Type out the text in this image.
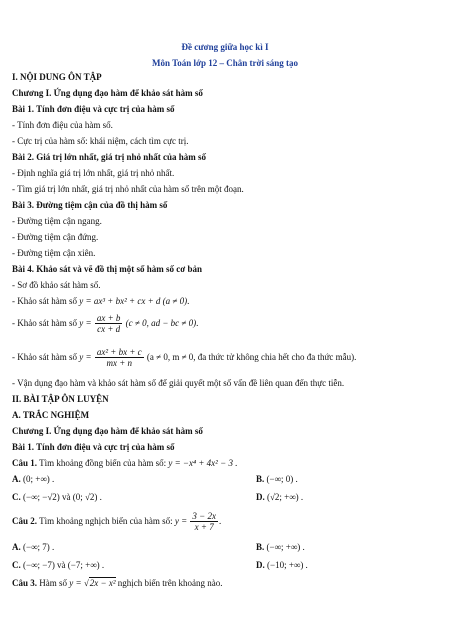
Đề cương giữa học kì I
Môn Toán lớp 12 – Chân trời sáng tạo
I. NỘI DUNG ÔN TẬP
Chương I. Ứng dụng đạo hàm để khảo sát hàm số
Bài 1. Tính đơn điệu và cực trị của hàm số
- Tính đơn điệu của hàm số.
- Cực trị của hàm số: khái niệm, cách tìm cực trị.
Bài 2. Giá trị lớn nhất, giá trị nhỏ nhất của hàm số
- Định nghĩa giá trị lớn nhất, giá trị nhỏ nhất.
- Tìm giá trị lớn nhất, giá trị nhỏ nhất của hàm số trên một đoạn.
Bài 3. Đường tiệm cận của đồ thị hàm số
- Đường tiệm cận ngang.
- Đường tiệm cận đứng.
- Đường tiệm cận xiên.
Bài 4. Khảo sát và vẽ đồ thị một số hàm số cơ bản
- Sơ đồ khảo sát hàm số.
- Khảo sát hàm số y = ax³ + bx² + cx + d (a ≠ 0).
- Khảo sát hàm số $y = \frac{ax + b}{cx + d} (c \ne 0$, ad − bc ≠ 0).
- Khảo sát hàm số $y = \frac{\text{ax² + bx + c}}{mx + n} (a \ne 0$, m ≠ 0, đa thức tử không chia hết cho đa thức mẫu).
- Vận dụng đạo hàm và khảo sát hàm số để giải quyết một số vấn đề liên quan đến thực tiễn.
II. BÀI TẬP ÔN LUYỆN
A. TRẮC NGHIỆM
Chương I. Ứng dụng đạo hàm để khảo sát hàm số
Bài 1. Tính đơn điệu và cực trị của hàm số
Câu 1. Tìm khoảng đồng biến của hàm số: y = −x⁴ + 4x² − 3 .
A. (0; +∞) .	B. (−∞; 0) .
C. (−∞; −√2) và (0; √2) .	D. (√2; +∞) .
Câu 2. Tìm khoảng nghịch biến của hàm số: $y = \frac{3 - 2x}{x + 7}$ .
A. (−∞; 7) .	B. (−∞; +∞) .
C. (−∞; −7) và (−7; +∞) .	D. (−10; +∞) .
Câu 3. Hàm số y = √2x − x² nghịch biến trên khoảng nào.
